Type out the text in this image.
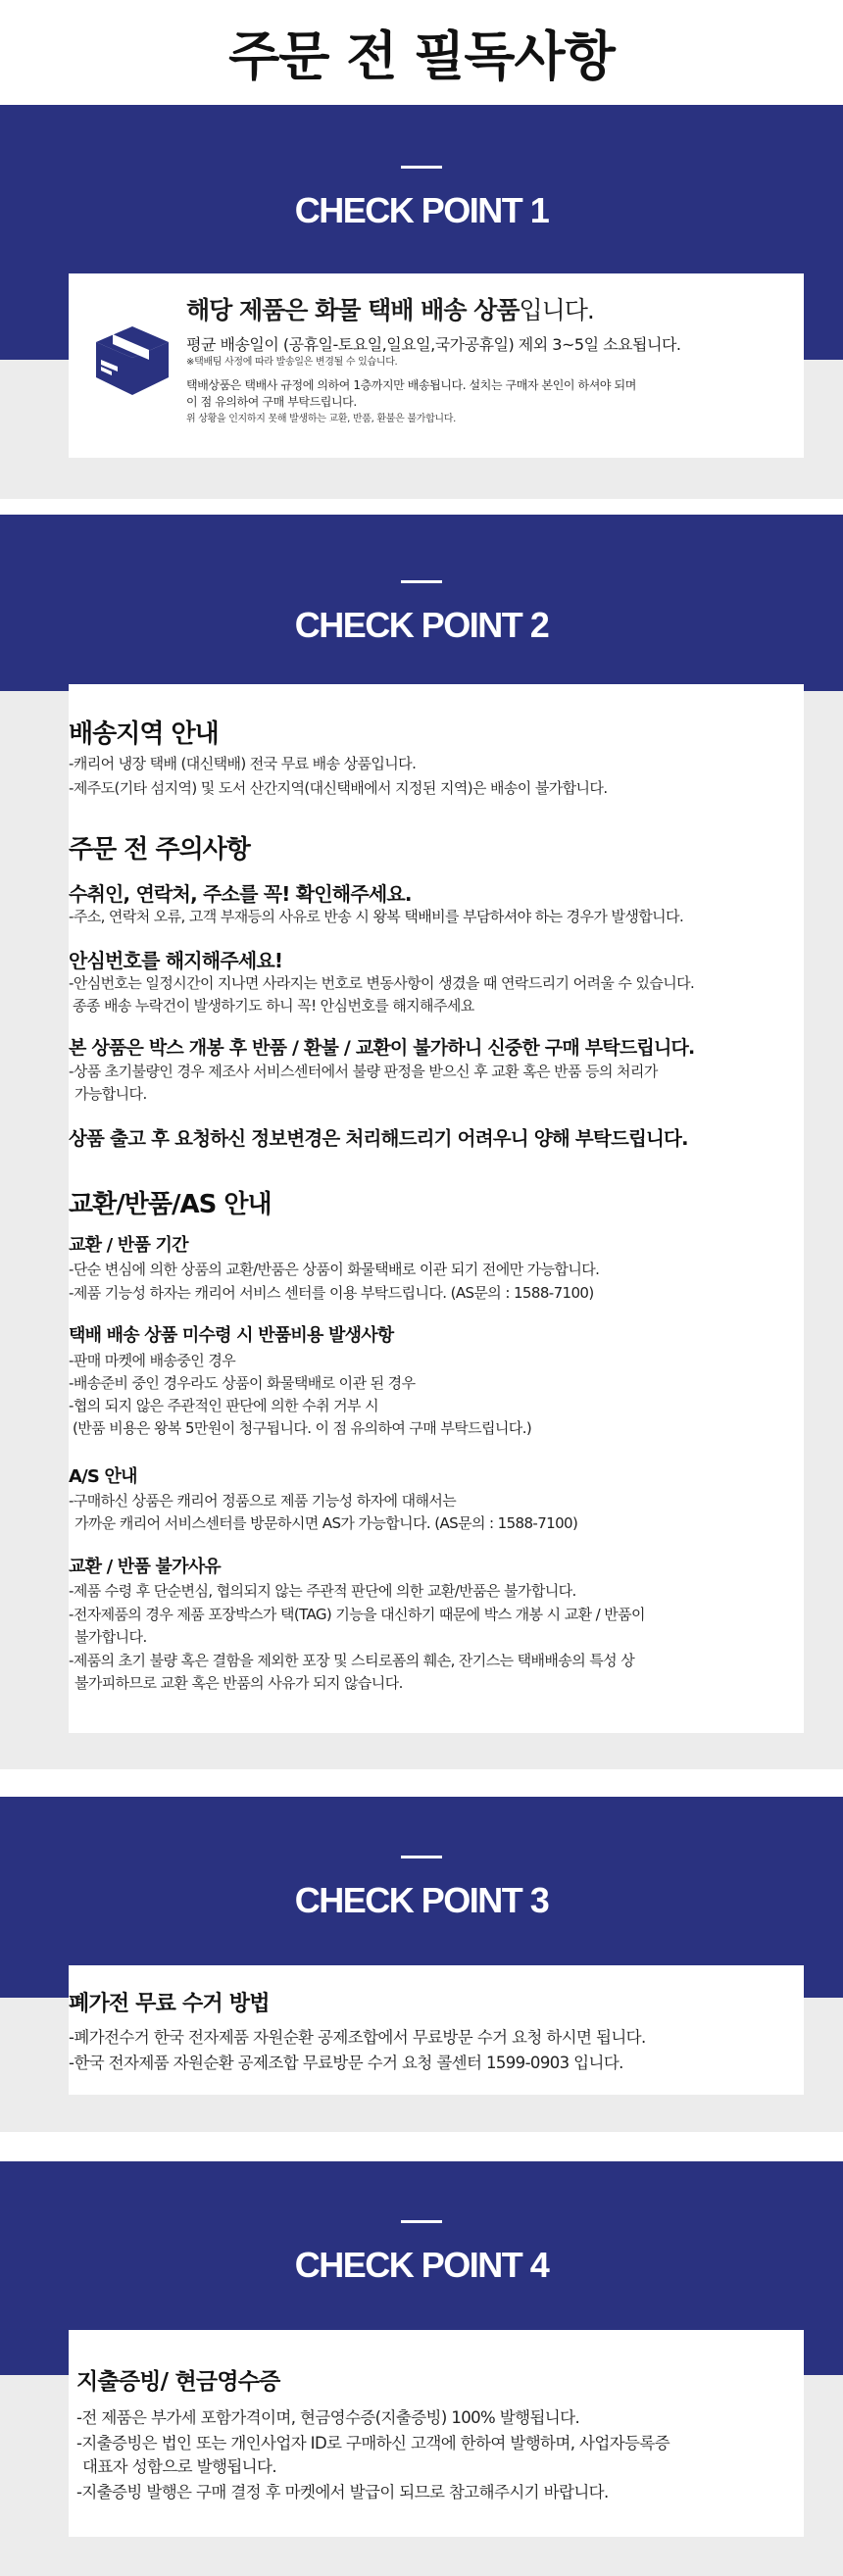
주문 전 필독사항
CHECK POINT 1
해당 제품은 화물 택배 배송 상품입니다.
평균 배송일이 (공휴일-토요일,일요일,국가공휴일) 제외 3~5일 소요됩니다.
※택배팀 사정에 따라 발송일은 변경될 수 있습니다.
택배상품은 택배사 규정에 의하여 1층까지만 배송됩니다. 설치는 구매자 본인이 하셔야 되며
이 점 유의하여 구매 부탁드립니다.
위 상황을 인지하지 못해 발생하는 교환, 반품, 환불은 불가합니다.
CHECK POINT 2
배송지역 안내
-캐리어 냉장 택배 (대신택배) 전국 무료 배송 상품입니다.
-제주도(기타 섬지역) 및 도서 산간지역(대신택배에서 지정된 지역)은 배송이 불가합니다.
주문 전 주의사항
수취인, 연락처, 주소를 꼭! 확인해주세요.
-주소, 연락처 오류, 고객 부재등의 사유로 반송 시 왕복 택배비를 부담하셔야 하는 경우가 발생합니다.
안심번호를 해지해주세요!
-안심번호는 일정시간이 지나면 사라지는 번호로 변동사항이 생겼을 때 연락드리기 어려울 수 있습니다.
종종 배송 누락건이 발생하기도 하니 꼭! 안심번호를 해지해주세요
본 상품은 박스 개봉 후 반품 / 환불 / 교환이 불가하니 신중한 구매 부탁드립니다.
-상품 초기불량인 경우 제조사 서비스센터에서 불량 판정을 받으신 후 교환 혹은 반품 등의 처리가
가능합니다.
상품 출고 후 요청하신 정보변경은 처리해드리기 어려우니 양해 부탁드립니다.
교환/반품/AS 안내
교환 / 반품 기간
-단순 변심에 의한 상품의 교환/반품은 상품이 화물택배로 이관 되기 전에만 가능합니다.
-제품 기능성 하자는 캐리어 서비스 센터를 이용 부탁드립니다. (AS문의 : 1588-7100)
택배 배송 상품 미수령 시 반품비용 발생사항
-판매 마켓에 배송중인 경우
-배송준비 중인 경우라도 상품이 화물택배로 이관 된 경우
-협의 되지 않은 주관적인 판단에 의한 수취 거부 시
(반품 비용은 왕복 5만원이 청구됩니다. 이 점 유의하여 구매 부탁드립니다.)
A/S 안내
-구매하신 상품은 캐리어 정품으로 제품 기능성 하자에 대해서는
가까운 캐리어 서비스센터를 방문하시면 AS가 가능합니다. (AS문의 : 1588-7100)
교환 / 반품 불가사유
-제품 수령 후 단순변심, 협의되지 않는 주관적 판단에 의한 교환/반품은 불가합니다.
-전자제품의 경우 제품 포장박스가 택(TAG) 기능을 대신하기 때문에 박스 개봉 시 교환 / 반품이
불가합니다.
-제품의 초기 불량 혹은 결함을 제외한 포장 및 스티로폼의 훼손, 잔기스는 택배배송의 특성 상
불가피하므로 교환 혹은 반품의 사유가 되지 않습니다.
CHECK POINT 3
폐가전 무료 수거 방법
-폐가전수거 한국 전자제품 자원순환 공제조합에서 무료방문 수거 요청 하시면 됩니다.
-한국 전자제품 자원순환 공제조합 무료방문 수거 요청 콜센터 1599-0903 입니다.
CHECK POINT 4
지출증빙/ 현금영수증
-전 제품은 부가세 포함가격이며, 현금영수증(지출증빙) 100% 발행됩니다.
-지출증빙은 법인 또는 개인사업자 ID로 구매하신 고객에 한하여 발행하며, 사업자등록증
대표자 성함으로 발행됩니다.
-지출증빙 발행은 구매 결정 후 마켓에서 발급이 되므로 참고해주시기 바랍니다.
